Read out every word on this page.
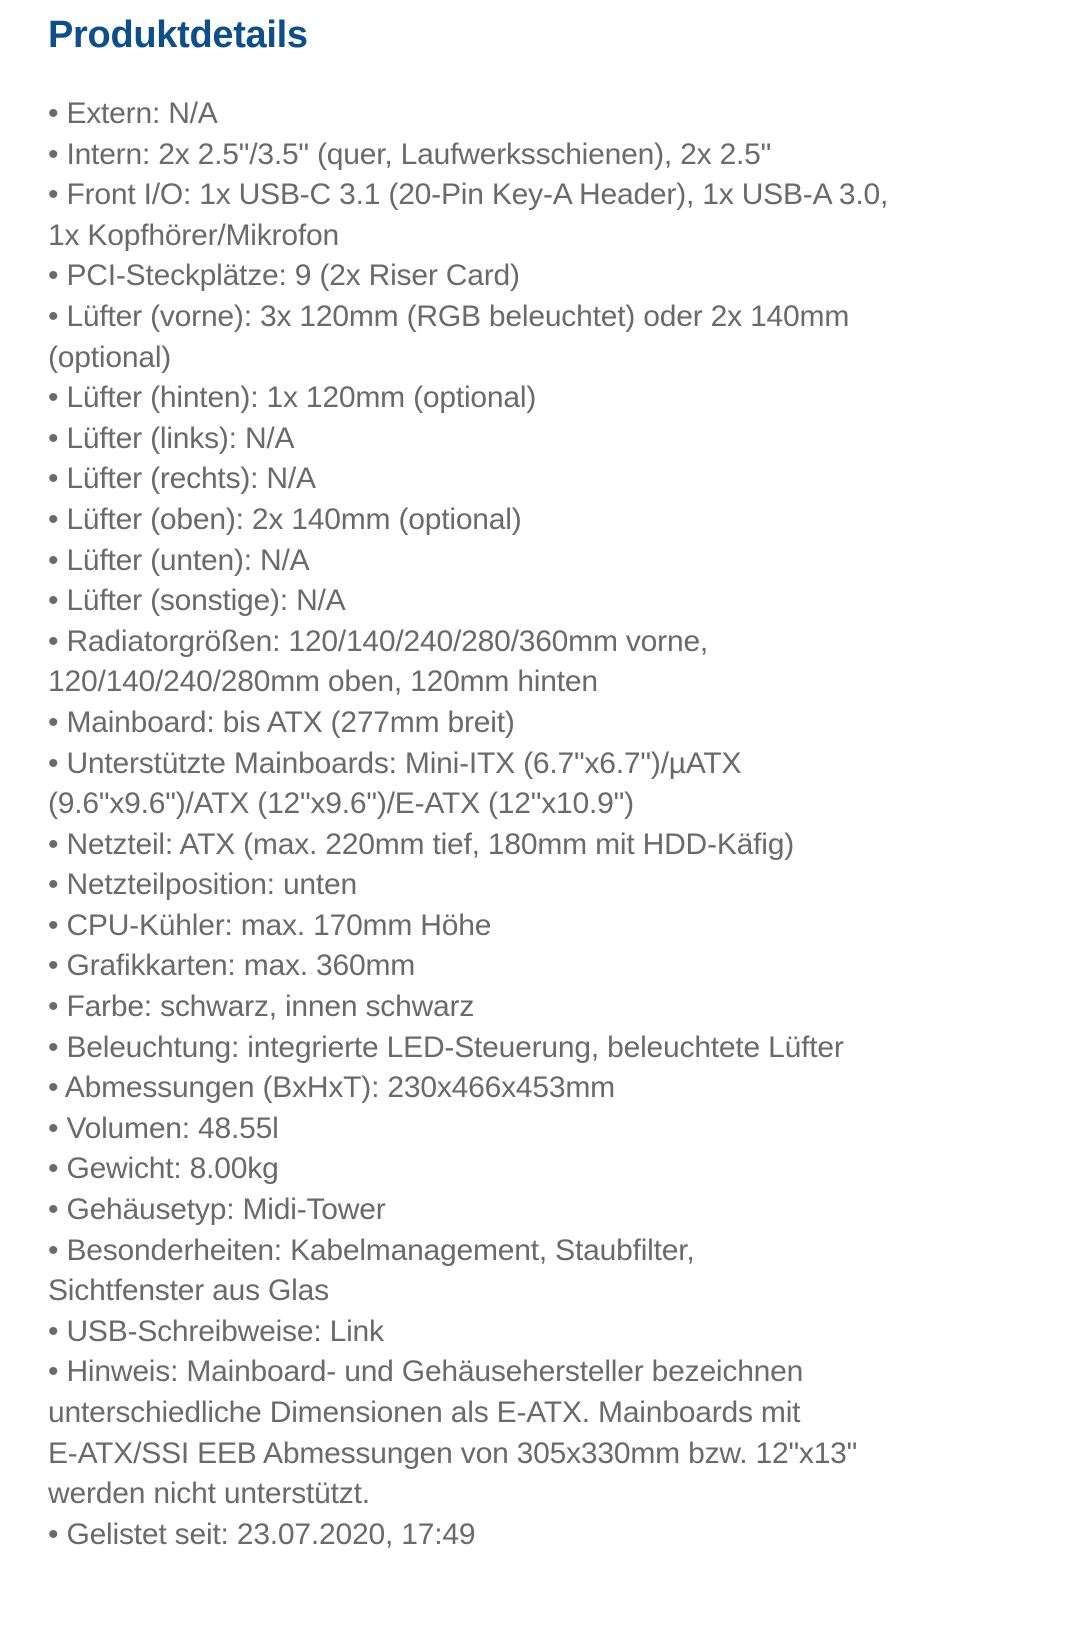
Produktdetails
• Extern: N/A
• Intern: 2x 2.5"/3.5" (quer, Laufwerksschienen), 2x 2.5"
• Front I/O: 1x USB-C 3.1 (20-Pin Key-A Header), 1x USB-A 3.0,
1x Kopfhörer/Mikrofon
• PCI-Steckplätze: 9 (2x Riser Card)
• Lüfter (vorne): 3x 120mm (RGB beleuchtet) oder 2x 140mm
(optional)
• Lüfter (hinten): 1x 120mm (optional)
• Lüfter (links): N/A
• Lüfter (rechts): N/A
• Lüfter (oben): 2x 140mm (optional)
• Lüfter (unten): N/A
• Lüfter (sonstige): N/A
• Radiatorgrößen: 120/140/240/280/360mm vorne,
120/140/240/280mm oben, 120mm hinten
• Mainboard: bis ATX (277mm breit)
• Unterstützte Mainboards: Mini-ITX (6.7"x6.7")/µATX
(9.6"x9.6")/ATX (12"x9.6")/E-ATX (12"x10.9")
• Netzteil: ATX (max. 220mm tief, 180mm mit HDD-Käfig)
• Netzteilposition: unten
• CPU-Kühler: max. 170mm Höhe
• Grafikkarten: max. 360mm
• Farbe: schwarz, innen schwarz
• Beleuchtung: integrierte LED-Steuerung, beleuchtete Lüfter
• Abmessungen (BxHxT): 230x466x453mm
• Volumen: 48.55l
• Gewicht: 8.00kg
• Gehäusetyp: Midi-Tower
• Besonderheiten: Kabelmanagement, Staubfilter,
Sichtfenster aus Glas
• USB-Schreibweise: Link
• Hinweis: Mainboard- und Gehäusehersteller bezeichnen
unterschiedliche Dimensionen als E-ATX. Mainboards mit
E-ATX/SSI EEB Abmessungen von 305x330mm bzw. 12"x13"
werden nicht unterstützt.
• Gelistet seit: 23.07.2020, 17:49
